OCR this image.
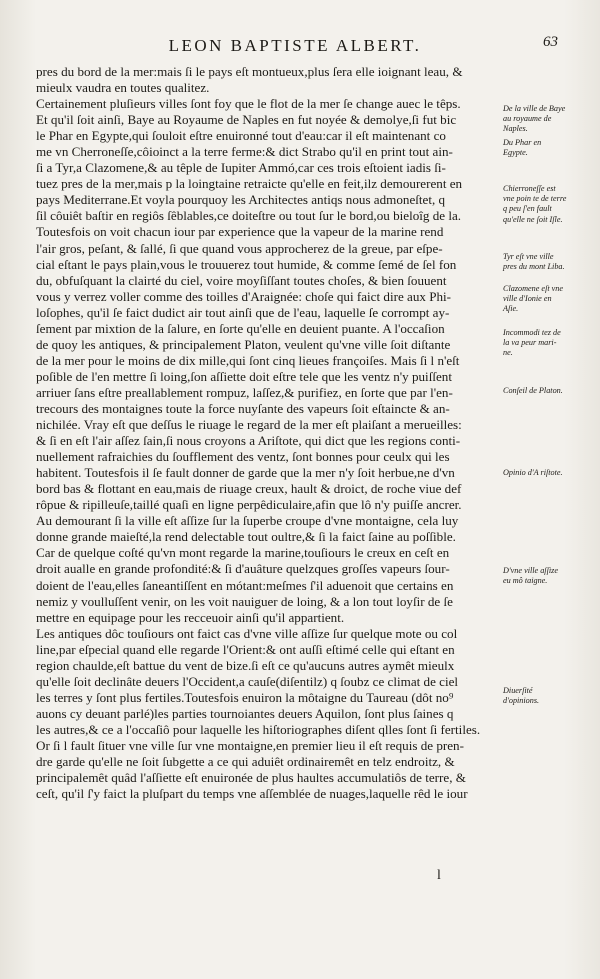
LEON BAPTISTE ALBERT.	63
pres du bord de la mer:mais ſi le pays eſt montueux,plus ſera elle ioignant leau, &
mieulx vaudra en toutes qualitez.
Certainement pluſieurs villes ſont foy que le flot de la mer ſe change auec le têps.
Et qu'il ſoit ainſi, Baye au Royaume de Naples en fut noyée & demolye,ſi fut bic
le Phar en Egypte,qui ſouloit eſtre enuironné tout d'eau:car il eſt maintenant co
me vn Cherroneſſe,côioinct a la terre ferme:& dict Strabo qu'il en print tout ain-
ſi a Tyr,a Clazomene,& au têple de Iupiter Ammó,car ces trois eſtoient iadis ſi-
tuez pres de la mer,mais p la loingtaine retraicte qu'elle en feit,ilz demourerent en
pays Mediterrane.Et voyla pourquoy les Architectes antiqs nous admoneſtet, q
ſil côuiêt baſtir en regiôs ſêblables,ce doiteſtre ou tout ſur le bord,ou bieloîg de la.
Toutesfois on voit chacun iour par experience que la vapeur de la marine rend
l'air gros, peſant, & ſallé, ſi que quand vous approcherez de la greue, par eſpe-
cial eſtant le pays plain,vous le trouuerez tout humide, & comme ſemé de ſel fon
du, obfuſquant la clairté du ciel, voire moyſiſſant toutes choſes, & bien ſouuent
vous y verrez voller comme des toilles d'Araignée: choſe qui faict dire aux Phi-
loſophes, qu'il ſe faict dudict air tout ainſi que de l'eau, laquelle ſe corrompt ay-
ſement par mixtion de la ſalure, en ſorte qu'elle en deuient puante. A l'occaſion
de quoy les antiques, & principalement Platon, veulent qu'vne ville ſoit diſtante
de la mer pour le moins de dix mille,qui ſont cinq lieues françoiſes. Mais ſi l n'eſt
poſible de l'en mettre ſi loing,ſon aſſiette doit eſtre tele que les ventz n'y puiſſent
arriuer ſans eſtre preallablement rompuz, laſſez,& purifiez, en ſorte que par l'en-
trecours des montaignes toute la force nuyſante des vapeurs ſoit eſtaincte & an-
nichilée. Vray eſt que deſſus le riuage le regard de la mer eſt plaiſant a merueilles:
& ſi en eſt l'air aſſez ſain,ſi nous croyons a Ariſtote, qui dict que les regions conti-
nuellement rafraichies du ſoufflement des ventz, ſont bonnes pour ceulx qui les
habitent. Toutesfois il ſe fault donner de garde que la mer n'y ſoit herbue,ne d'vn
bord bas & flottant en eau,mais de riuage creux, hault & droict, de roche viue def
rôpue & ripilleuſe,taillé quaſi en ligne perpêdiculaire,afin que lô n'y puiſſe ancrer.
Au demourant ſi la ville eſt aſſize ſur la ſuperbe croupe d'vne montaigne, cela luy
donne grande maieſté,la rend delectable tout oultre,& ſi la faict ſaine au poſſible.
Car de quelque coſté qu'vn mont regarde la marine,touſiours le creux en ceſt en
droit aualle en grande profondité:& ſi d'auâture quelzques groſſes vapeurs ſour-
doient de l'eau,elles ſaneantiſſent en mótant:meſmes ſ'il aduenoit que certains en
nemiz y voulluſſent venir, on les voit nauiguer de loing, & a lon tout loyſir de ſe
mettre en equipage pour les recceuoir ainſi qu'il appartient.
Les antiques dôc touſiours ont faict cas d'vne ville aſſize ſur quelque mote ou col
line,par eſpecial quand elle regarde l'Orient:& ont auſſi eſtimé celle qui eſtant en
region chaulde,eſt battue du vent de bize.ſi eſt ce qu'aucuns autres aymêt mieulx
qu'elle ſoit declinâte deuers l'Occident,a cauſe(diſentilz) q ſoubz ce climat de ciel
les terres y ſont plus fertiles.Toutesfois enuiron la môtaigne du Taureau (dôt no⁹
auons cy deuant parlé)les parties tournoiantes deuers Aquilon, ſont plus ſaines q
les autres,& ce a l'occaſiô pour laquelle les hiſtoriographes diſent qlles ſont ſi fertiles.
Or ſi l fault ſituer vne ville ſur vne montaigne,en premier lieu il eſt requis de pren-
dre garde qu'elle ne ſoit ſubgette a ce qui aduiêt ordinairemêt en telz endroitz, &
principalemêt quâd l'aſſiette eſt enuironée de plus haultes accumulatiôs de terre, &
ceſt, qu'il ſ'y faict la pluſpart du temps vne aſſemblée de nuages,laquelle rêd le iour
De la ville de Baye au royaume de Naples.
Du Phar en Egypte.
Chierroneſſe est vne poin te de terre q peu ſ'en fault qu'elle ne ſoit Iſle.
Tyr eſt vne ville pres du mont Liba.
Clazomene eſt vne ville d'Ionie en Aſie.
Incommodi tez de la va peur mari- ne.
Conſeil de Platon.
Opinio d'A riſtote.
D'vne ville aſſize eu mô taigne.
Diuerſité d'opinions.
l
